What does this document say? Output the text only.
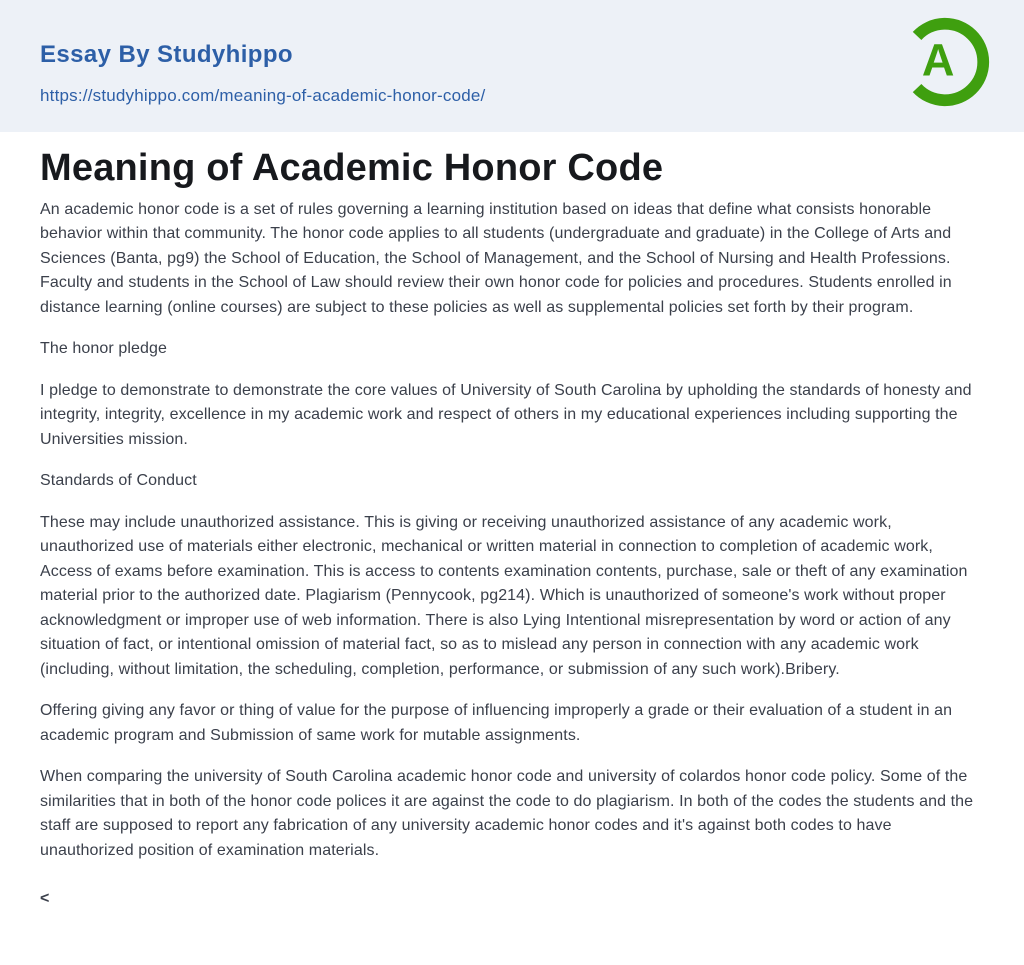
Essay By Studyhippo
https://studyhippo.com/meaning-of-academic-honor-code/
A
Meaning of Academic Honor Code

An academic honor code is a set of rules governing a learning institution based on ideas that define what consists honorable behavior within that community. The honor code applies to all students (undergraduate and graduate) in the College of Arts and Sciences (Banta, pg9) the School of Education, the School of Management, and the School of Nursing and Health Professions. Faculty and students in the School of Law should review their own honor code for policies and procedures. Students enrolled in distance learning (online courses) are subject to these policies as well as supplemental policies set forth by their program.

The honor pledge

I pledge to demonstrate to demonstrate the core values of University of South Carolina by upholding the standards of honesty and integrity, integrity, excellence in my academic work and respect of others in my educational experiences including supporting the Universities mission.

Standards of Conduct

These may include unauthorized assistance. This is giving or receiving unauthorized assistance of any academic work, unauthorized use of materials either electronic, mechanical or written material in connection to completion of academic work, Access of exams before examination. This is access to contents examination contents, purchase, sale or theft of any examination material prior to the authorized date. Plagiarism (Pennycook, pg214). Which is unauthorized of someone's work without proper acknowledgment or improper use of web information. There is also Lying Intentional misrepresentation by word or action of any situation of fact, or intentional omission of material fact, so as to mislead any person in connection with any academic work (including, without limitation, the scheduling, completion, performance, or submission of any such work).Bribery.

Offering giving any favor or thing of value for the purpose of influencing improperly a grade or their evaluation of a student in an academic program and Submission of same work for mutable assignments.

When comparing the university of South Carolina academic honor code and university of colardos honor code policy. Some of the similarities that in both of the honor code polices it are against the code to do plagiarism. In both of the codes the students and the staff are supposed to report any fabrication of any university academic honor codes and it's against both codes to have unauthorized position of examination materials.

<
